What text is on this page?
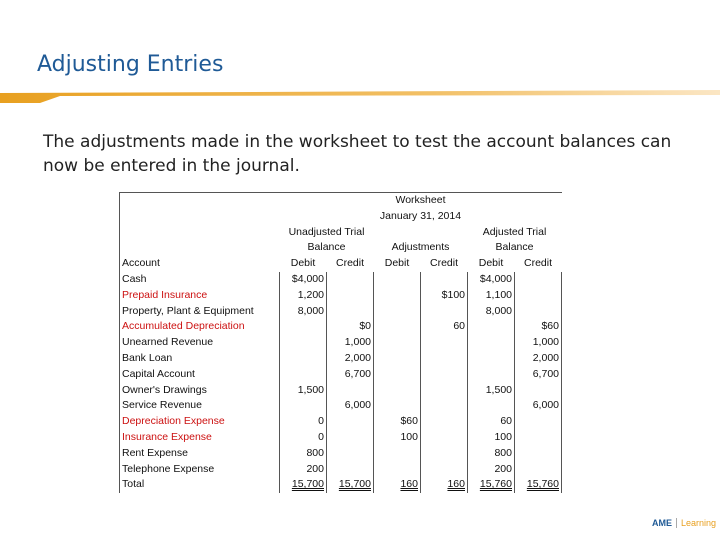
Adjusting Entries
The adjustments made in the worksheet to test the account balances can now be entered in the journal.
	Worksheet					
	January 31, 2014					
	Unadjusted Trial Balance		Adjustments		Adjusted Trial Balance	
Account	Debit	Credit	Debit	Credit	Debit	Credit
Cash	$4,000				$4,000	
Prepaid Insurance	1,200			$100	1,100	
Property, Plant & Equipment	8,000				8,000	
Accumulated Depreciation		$0		60		$60
Unearned Revenue		1,000				1,000
Bank Loan		2,000				2,000
Capital Account		6,700				6,700
Owner's Drawings	1,500				1,500	
Service Revenue		6,000				6,000
Depreciation Expense	0		$60		60	
Insurance Expense	0		100		100	
Rent Expense	800				800	
Telephone Expense	200				200	
Total	15,700	15,700	160	160	15,760	15,760
AME Learning
